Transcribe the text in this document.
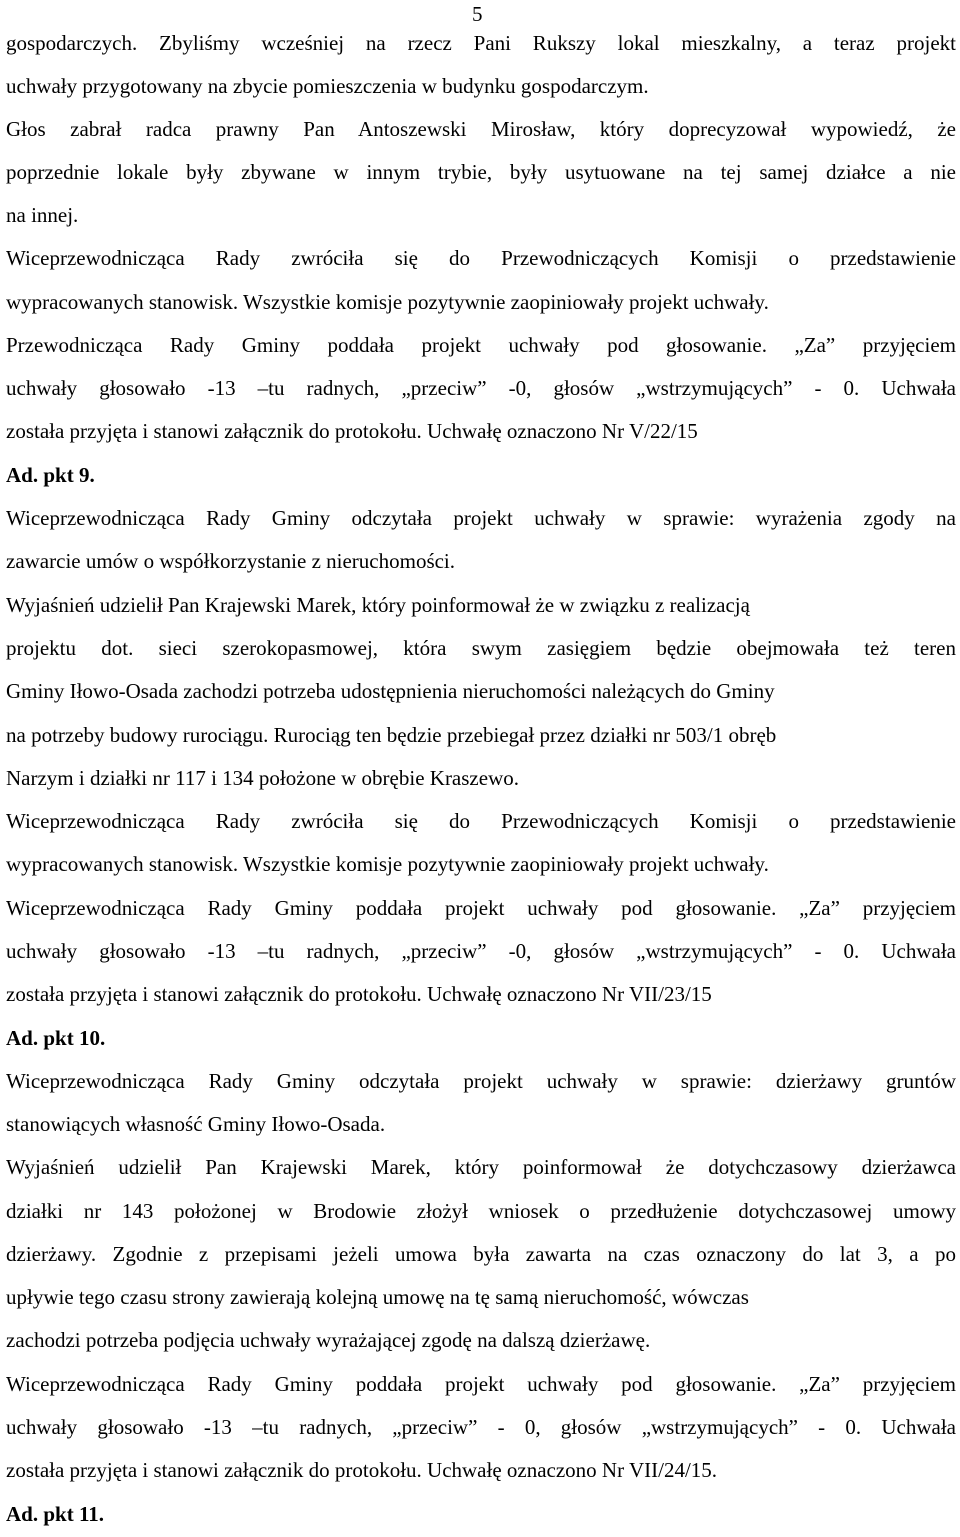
5
gospodarczych. Zbyliśmy wcześniej na rzecz Pani Rukszy lokal mieszkalny, a teraz projekt
uchwały przygotowany na zbycie pomieszczenia w budynku gospodarczym.
Głos zabrał radca prawny Pan Antoszewski Mirosław, który doprecyzował wypowiedź, że
poprzednie lokale były zbywane w innym trybie, były usytuowane na tej samej działce a nie
na innej.
Wiceprzewodnicząca Rady zwróciła się do Przewodniczących Komisji o przedstawienie
wypracowanych stanowisk. Wszystkie komisje pozytywnie zaopiniowały projekt uchwały.
Przewodnicząca Rady Gminy poddała projekt uchwały pod głosowanie. „Za” przyjęciem
uchwały głosowało -13 –tu radnych, „przeciw” -0, głosów „wstrzymujących” - 0. Uchwała
została przyjęta i stanowi załącznik do protokołu. Uchwałę oznaczono Nr V/22/15
Ad. pkt 9.
Wiceprzewodnicząca Rady Gminy odczytała projekt uchwały w sprawie: wyrażenia zgody na
zawarcie umów o współkorzystanie z nieruchomości.
Wyjaśnień udzielił Pan Krajewski Marek, który poinformował że w związku z realizacją
projektu dot. sieci szerokopasmowej, która swym zasięgiem będzie obejmowała też teren
Gminy Iłowo-Osada zachodzi potrzeba udostępnienia nieruchomości należących do Gminy
na potrzeby budowy rurociągu. Rurociąg ten będzie przebiegał przez działki nr 503/1 obręb
Narzym i działki nr 117 i 134 położone w obrębie Kraszewo.
Wiceprzewodnicząca Rady zwróciła się do Przewodniczących Komisji o przedstawienie
wypracowanych stanowisk. Wszystkie komisje pozytywnie zaopiniowały projekt uchwały.
Wiceprzewodnicząca Rady Gminy poddała projekt uchwały pod głosowanie. „Za” przyjęciem
uchwały głosowało -13 –tu radnych, „przeciw” -0, głosów „wstrzymujących” - 0. Uchwała
została przyjęta i stanowi załącznik do protokołu. Uchwałę oznaczono Nr VII/23/15
Ad. pkt 10.
Wiceprzewodnicząca Rady Gminy odczytała projekt uchwały w sprawie: dzierżawy gruntów
stanowiących własność Gminy Iłowo-Osada.
Wyjaśnień udzielił Pan Krajewski Marek, który poinformował że dotychczasowy dzierżawca
działki nr 143 położonej w Brodowie złożył wniosek o przedłużenie dotychczasowej umowy
dzierżawy. Zgodnie z przepisami jeżeli umowa była zawarta na czas oznaczony do lat 3, a po
upływie tego czasu strony zawierają kolejną umowę na tę samą nieruchomość, wówczas
zachodzi potrzeba podjęcia uchwały wyrażającej zgodę na dalszą dzierżawę.
Wiceprzewodnicząca Rady Gminy poddała projekt uchwały pod głosowanie. „Za” przyjęciem
uchwały głosowało -13 –tu radnych, „przeciw” - 0, głosów „wstrzymujących” - 0. Uchwała
została przyjęta i stanowi załącznik do protokołu. Uchwałę oznaczono Nr VII/24/15.
Ad. pkt 11.
